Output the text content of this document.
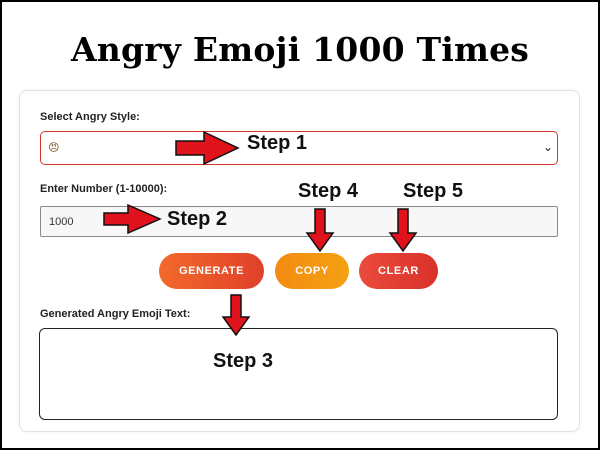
Angry Emoji 1000 Times
Select Angry Style:
😠	⌄
Enter Number (1-10000):
1000
GENERATE	COPY	CLEAR
Generated Angry Emoji Text:
Step 1
Step 2
Step 3
Step 4 Step 5
